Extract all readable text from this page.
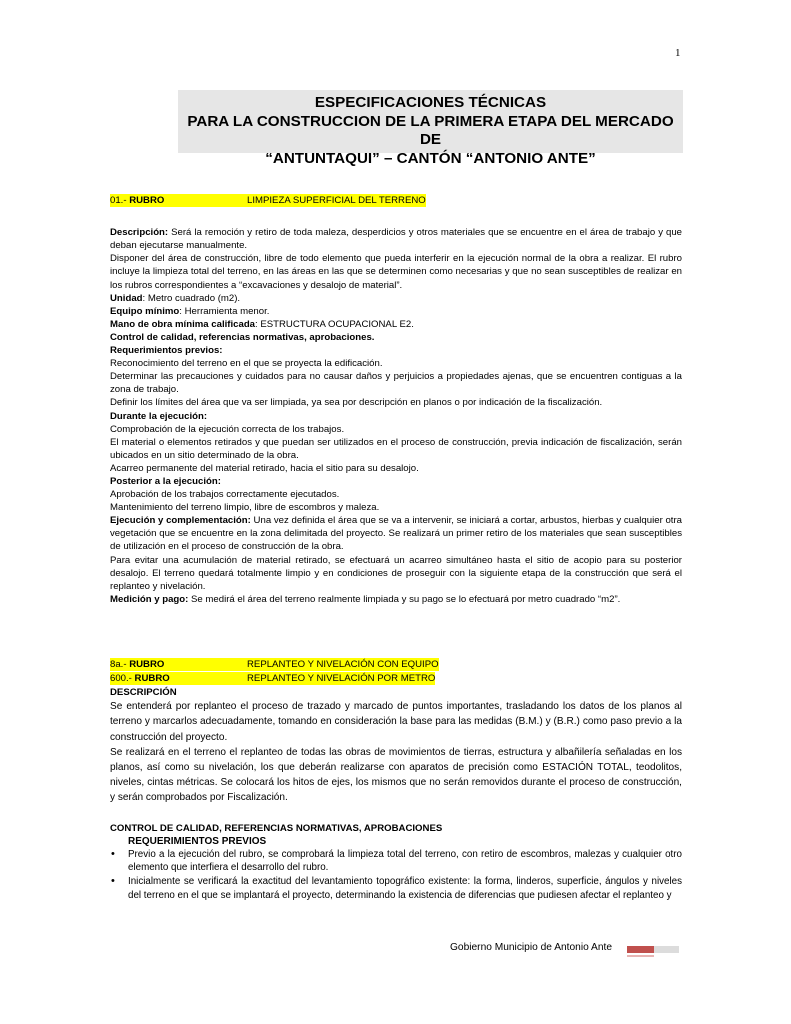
1
ESPECIFICACIONES TÉCNICAS
PARA LA CONSTRUCCION DE LA PRIMERA ETAPA DEL MERCADO DE
“ANTUNTAQUI” – CANTÓN “ANTONIO ANTE”
01.- RUBRO	LIMPIEZA SUPERFICIAL DEL TERRENO
Descripción: Será la remoción y retiro de toda maleza, desperdicios y otros materiales que se encuentre en el área de trabajo y que deban ejecutarse manualmente.
Disponer del área de construcción, libre de todo elemento que pueda interferir en la ejecución normal de la obra a realizar. El rubro incluye la limpieza total del terreno, en las áreas en las que se determinen como necesarias y que no sean susceptibles de realizar en los rubros correspondientes a “excavaciones y desalojo de material”.
Unidad: Metro cuadrado (m2).
Equipo mínimo: Herramienta menor.
Mano de obra mínima calificada: ESTRUCTURA OCUPACIONAL E2.
Control de calidad, referencias normativas, aprobaciones.
Requerimientos previos:
Reconocimiento del terreno en el que se proyecta la edificación.
Determinar las precauciones y cuidados para no causar daños y perjuicios a propiedades ajenas, que se encuentren contiguas a la zona de trabajo.
Definir los límites del área que va ser limpiada, ya sea por descripción en planos o por indicación de la fiscalización.
Durante la ejecución:
Comprobación de la ejecución correcta de los trabajos.
El material o elementos retirados y que puedan ser utilizados en el proceso de construcción, previa indicación de fiscalización, serán ubicados en un sitio determinado de la obra.
Acarreo permanente del material retirado, hacia el sitio para su desalojo.
Posterior a la ejecución:
Aprobación de los trabajos correctamente ejecutados.
Mantenimiento del terreno limpio, libre de escombros y maleza.
Ejecución y complementación: Una vez definida el área que se va a intervenir, se iniciará a cortar, arbustos, hierbas y cualquier otra vegetación que se encuentre en la zona delimitada del proyecto. Se realizará un primer retiro de los materiales que sean susceptibles de utilización en el proceso de construcción de la obra.
Para evitar una acumulación de material retirado, se efectuará un acarreo simultáneo hasta el sitio de acopio para su posterior desalojo. El terreno quedará totalmente limpio y en condiciones de proseguir con la siguiente etapa de la construcción que será el replanteo y nivelación.
Medición y pago: Se medirá el área del terreno realmente limpiada y su pago se lo efectuará por metro cuadrado “m2”.
8a.- RUBRO	REPLANTEO Y NIVELACIÓN CON EQUIPO
600.- RUBRO	REPLANTEO Y NIVELACIÓN POR METRO
DESCRIPCIÓN
Se entenderá por replanteo el proceso de trazado y marcado de puntos importantes, trasladando los datos de los planos al terreno y marcarlos adecuadamente, tomando en consideración la base para las medidas (B.M.) y (B.R.) como paso previo a la construcción del proyecto.
Se realizará en el terreno el replanteo de todas las obras de movimientos de tierras, estructura y albañilería señaladas en los planos, así como su nivelación, los que deberán realizarse con aparatos de precisión como ESTACIÓN TOTAL, teodolitos, niveles, cintas métricas. Se colocará los hitos de ejes, los mismos que no serán removidos durante el proceso de construcción, y serán comprobados por Fiscalización.
CONTROL DE CALIDAD, REFERENCIAS NORMATIVAS, APROBACIONES
REQUERIMIENTOS PREVIOS
• Previo a la ejecución del rubro, se comprobará la limpieza total del terreno, con retiro de escombros, malezas y cualquier otro elemento que interfiera el desarrollo del rubro.
• Inicialmente se verificará la exactitud del levantamiento topográfico existente: la forma, linderos, superficie, ángulos y niveles del terreno en el que se implantará el proyecto, determinando la existencia de diferencias que pudiesen afectar el replanteo y
Gobierno Municipio de Antonio Ante
